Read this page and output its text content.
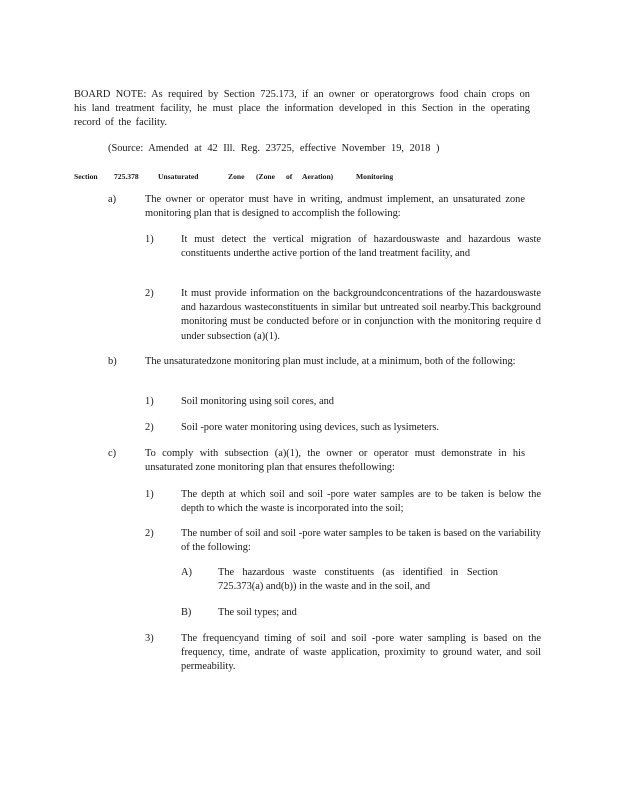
BOARD NOTE: As required by Section 725.173, if an owner or operatorgrows food chain crops on his land treatment facility, he must place the information developed in this Section in the operating record of the facility.

(Source: Amended at 42 Ill. Reg. 23725, effective November 19, 2018 )

Section 725.378	Unsaturated	Zone (Zone of Aeration)	Monitoring

a)	The owner or operator must have in writing, andmust implement, an unsaturated zone monitoring plan that is designed to accomplish the following:

1)	It must detect the vertical migration of hazardouswaste and hazardous waste constituents underthe active portion of the land treatment facility, and

2)	It must provide information on the backgroundconcentrations of the hazardouswaste and hazardous wasteconstituents in similar but untreated soil nearby.This background monitoring must be conducted before or in conjunction with the monitoring require d under subsection (a)(1).

b)	The unsaturatedzone monitoring plan must include, at a minimum, both of the following:

1)	Soil monitoring using soil cores, and

2)	Soil -pore water monitoring using devices, such as lysimeters.

c)	To comply with subsection (a)(1), the owner or operator must demonstrate in his unsaturated zone monitoring plan that ensures thefollowing:

1)	The depth at which soil and soil -pore water samples are to be taken is below the depth to which the waste is incorporated into the soil;

2)	The number of soil and soil -pore water samples to be taken is based on the variability of the following:

A)	The hazardous waste constituents (as identified in Section 725.373(a) and(b)) in the waste and in the soil, and

B)	The soil types; and

3)	The frequencyand timing of soil and soil -pore water sampling is based on the frequency, time, andrate of waste application, proximity to ground water, and soil permeability.
